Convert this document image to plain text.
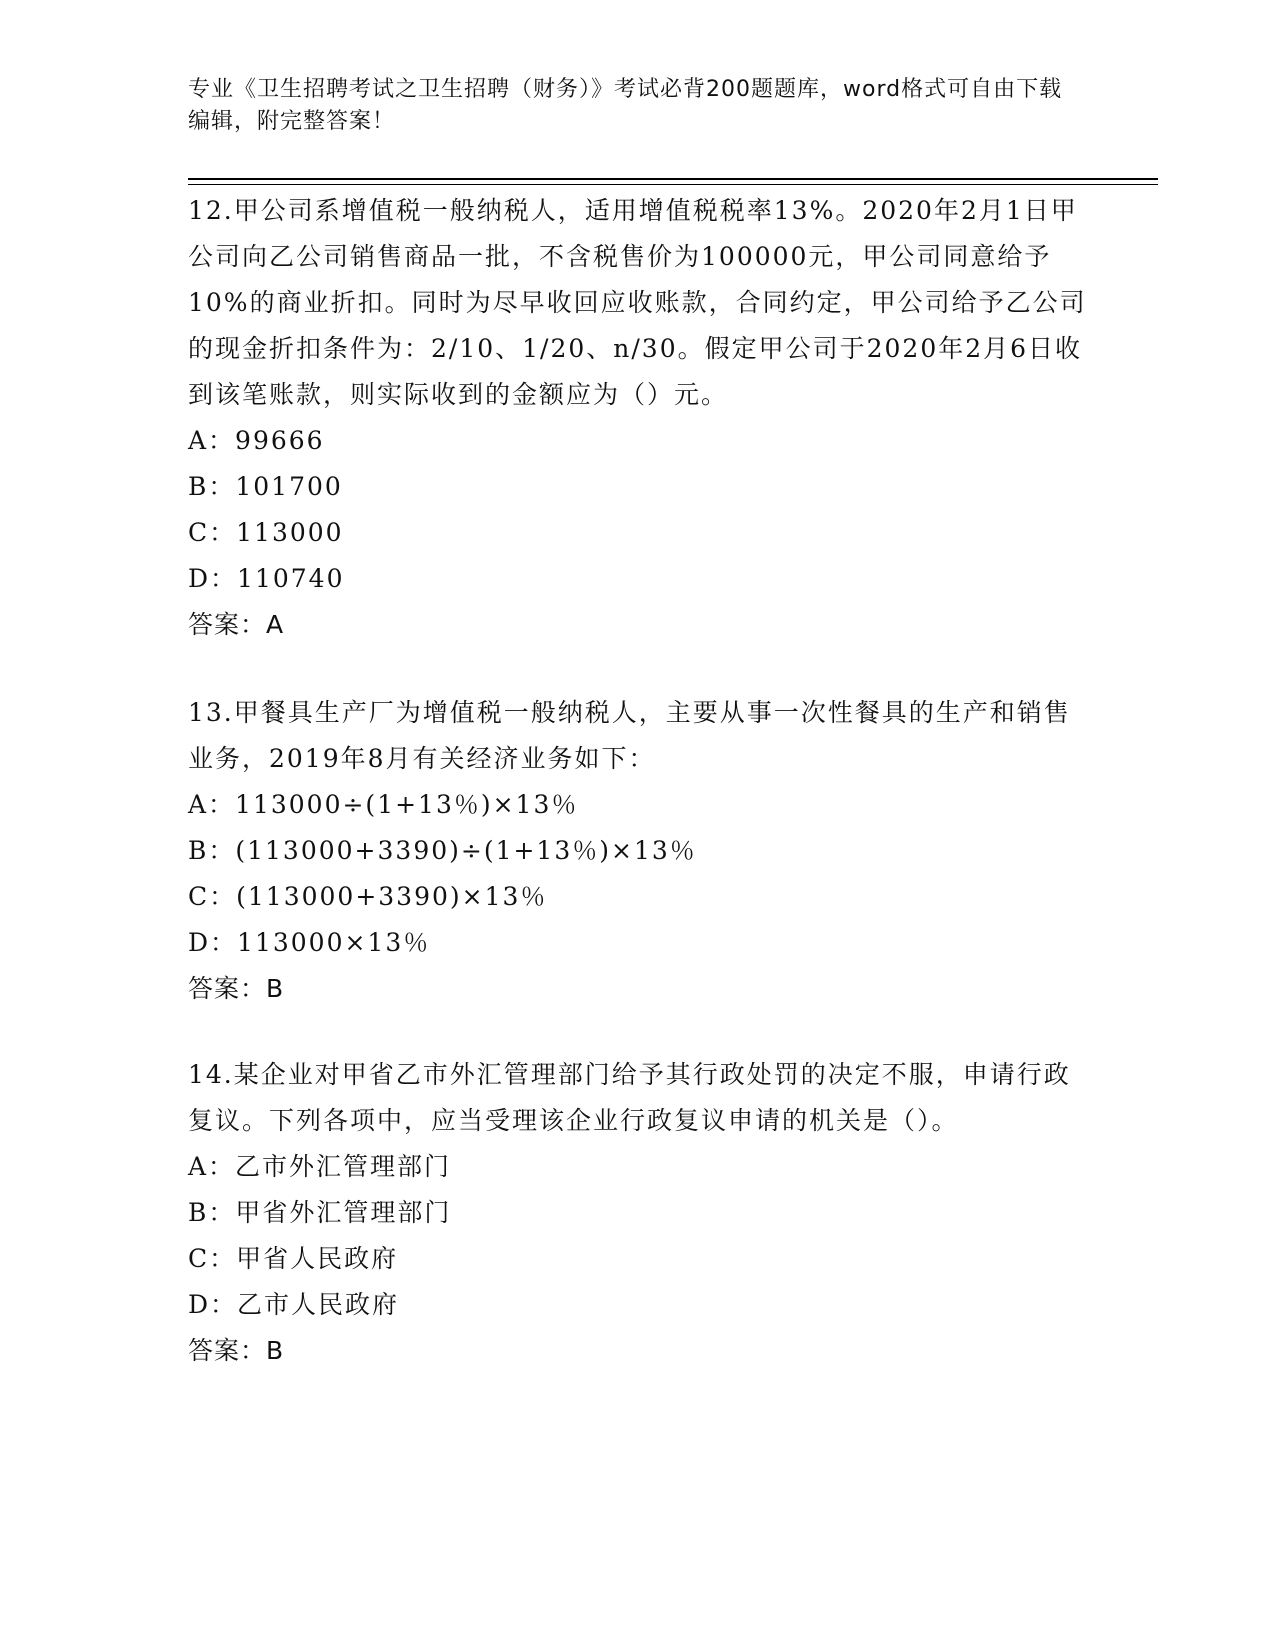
专业《卫生招聘考试之卫生招聘（财务）》考试必背200题题库，word格式可自由下载编辑，附完整答案！

12.甲公司系增值税一般纳税人，适用增值税税率13%。2020年2月1日甲公司向乙公司销售商品一批，不含税售价为100000元，甲公司同意给予10%的商业折扣。同时为尽早收回应收账款，合同约定，甲公司给予乙公司的现金折扣条件为：2/10、1/20、n/30。假定甲公司于2020年2月6日收到该笔账款，则实际收到的金额应为（）元。

A：99666

B：101700

C：113000

D：110740

答案：A

13.甲餐具生产厂为增值税一般纳税人，主要从事一次性餐具的生产和销售业务，2019年8月有关经济业务如下：

A：113000÷(1+13％)×13％

B：(113000+3390)÷(1+13％)×13％

C：(113000+3390)×13％

D：113000×13％

答案：B

14.某企业对甲省乙市外汇管理部门给予其行政处罚的决定不服，申请行政复议。下列各项中，应当受理该企业行政复议申请的机关是（）。

A：乙市外汇管理部门

B：甲省外汇管理部门

C：甲省人民政府

D：乙市人民政府

答案：B
